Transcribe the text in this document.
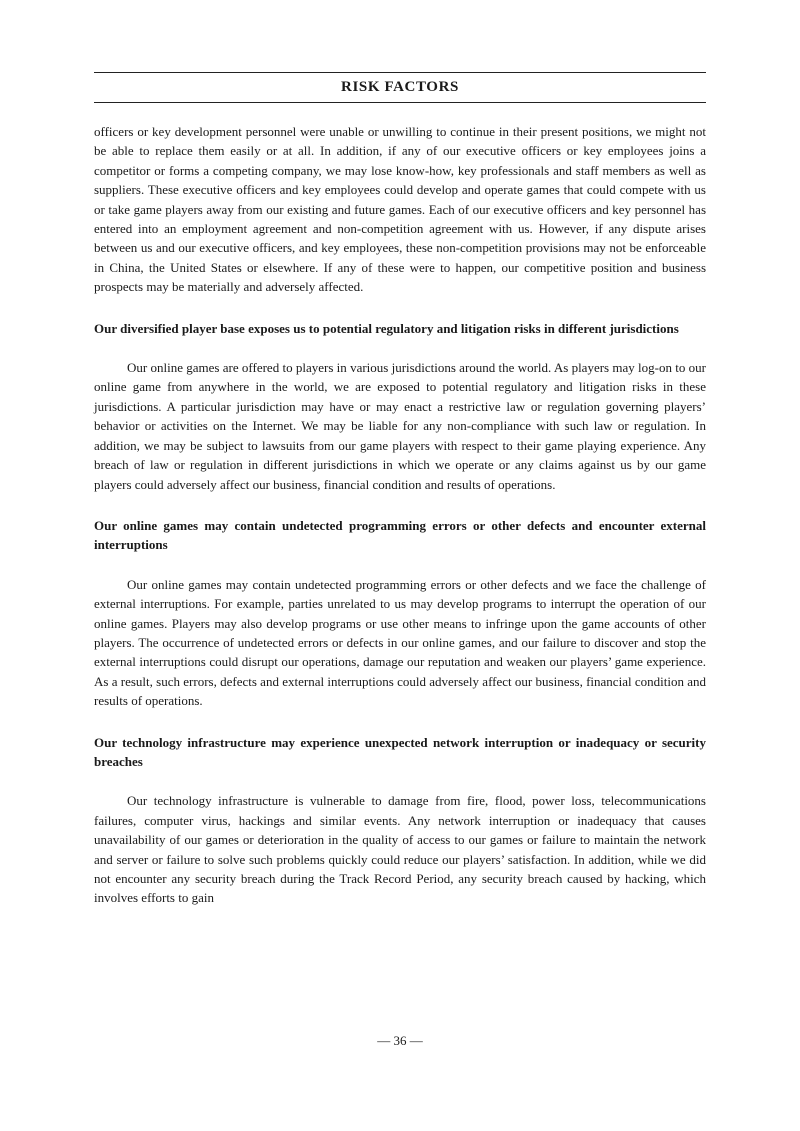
RISK FACTORS

officers or key development personnel were unable or unwilling to continue in their present positions, we might not be able to replace them easily or at all. In addition, if any of our executive officers or key employees joins a competitor or forms a competing company, we may lose know-how, key professionals and staff members as well as suppliers. These executive officers and key employees could develop and operate games that could compete with us or take game players away from our existing and future games. Each of our executive officers and key personnel has entered into an employment agreement and non-competition agreement with us. However, if any dispute arises between us and our executive officers, and key employees, these non-competition provisions may not be enforceable in China, the United States or elsewhere. If any of these were to happen, our competitive position and business prospects may be materially and adversely affected.

Our diversified player base exposes us to potential regulatory and litigation risks in different jurisdictions

Our online games are offered to players in various jurisdictions around the world. As players may log-on to our online game from anywhere in the world, we are exposed to potential regulatory and litigation risks in these jurisdictions. A particular jurisdiction may have or may enact a restrictive law or regulation governing players’ behavior or activities on the Internet. We may be liable for any non-compliance with such law or regulation. In addition, we may be subject to lawsuits from our game players with respect to their game playing experience. Any breach of law or regulation in different jurisdictions in which we operate or any claims against us by our game players could adversely affect our business, financial condition and results of operations.

Our online games may contain undetected programming errors or other defects and encounter external interruptions

Our online games may contain undetected programming errors or other defects and we face the challenge of external interruptions. For example, parties unrelated to us may develop programs to interrupt the operation of our online games. Players may also develop programs or use other means to infringe upon the game accounts of other players. The occurrence of undetected errors or defects in our online games, and our failure to discover and stop the external interruptions could disrupt our operations, damage our reputation and weaken our players’ game experience. As a result, such errors, defects and external interruptions could adversely affect our business, financial condition and results of operations.

Our technology infrastructure may experience unexpected network interruption or inadequacy or security breaches

Our technology infrastructure is vulnerable to damage from fire, flood, power loss, telecommunications failures, computer virus, hackings and similar events. Any network interruption or inadequacy that causes unavailability of our games or deterioration in the quality of access to our games or failure to maintain the network and server or failure to solve such problems quickly could reduce our players’ satisfaction. In addition, while we did not encounter any security breach during the Track Record Period, any security breach caused by hacking, which involves efforts to gain

— 36 —
